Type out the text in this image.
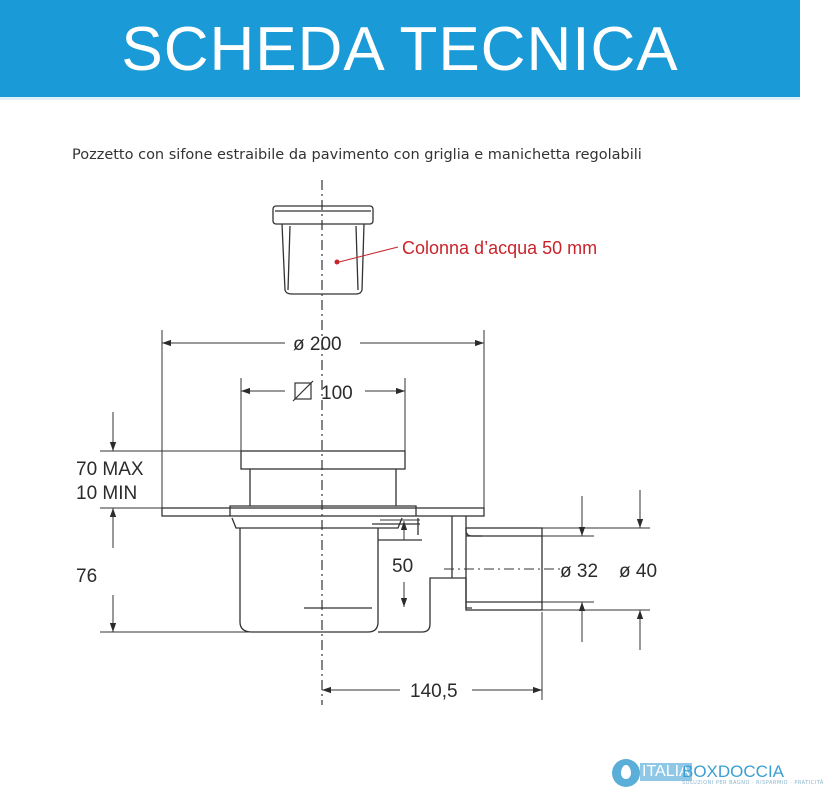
SCHEDA TECNICA
Pozzetto con sifone estraibile da pavimento con griglia e manichetta regolabili
Colonna d’acqua 50 mm
ø 200
100
70 MAX
10 MIN
76	50	ø 32 ø 40
140,5
ITALIA
BOXDOCCIA
SOLUZIONI PER BAGNO · RISPARMIO · PRATICITÀ
